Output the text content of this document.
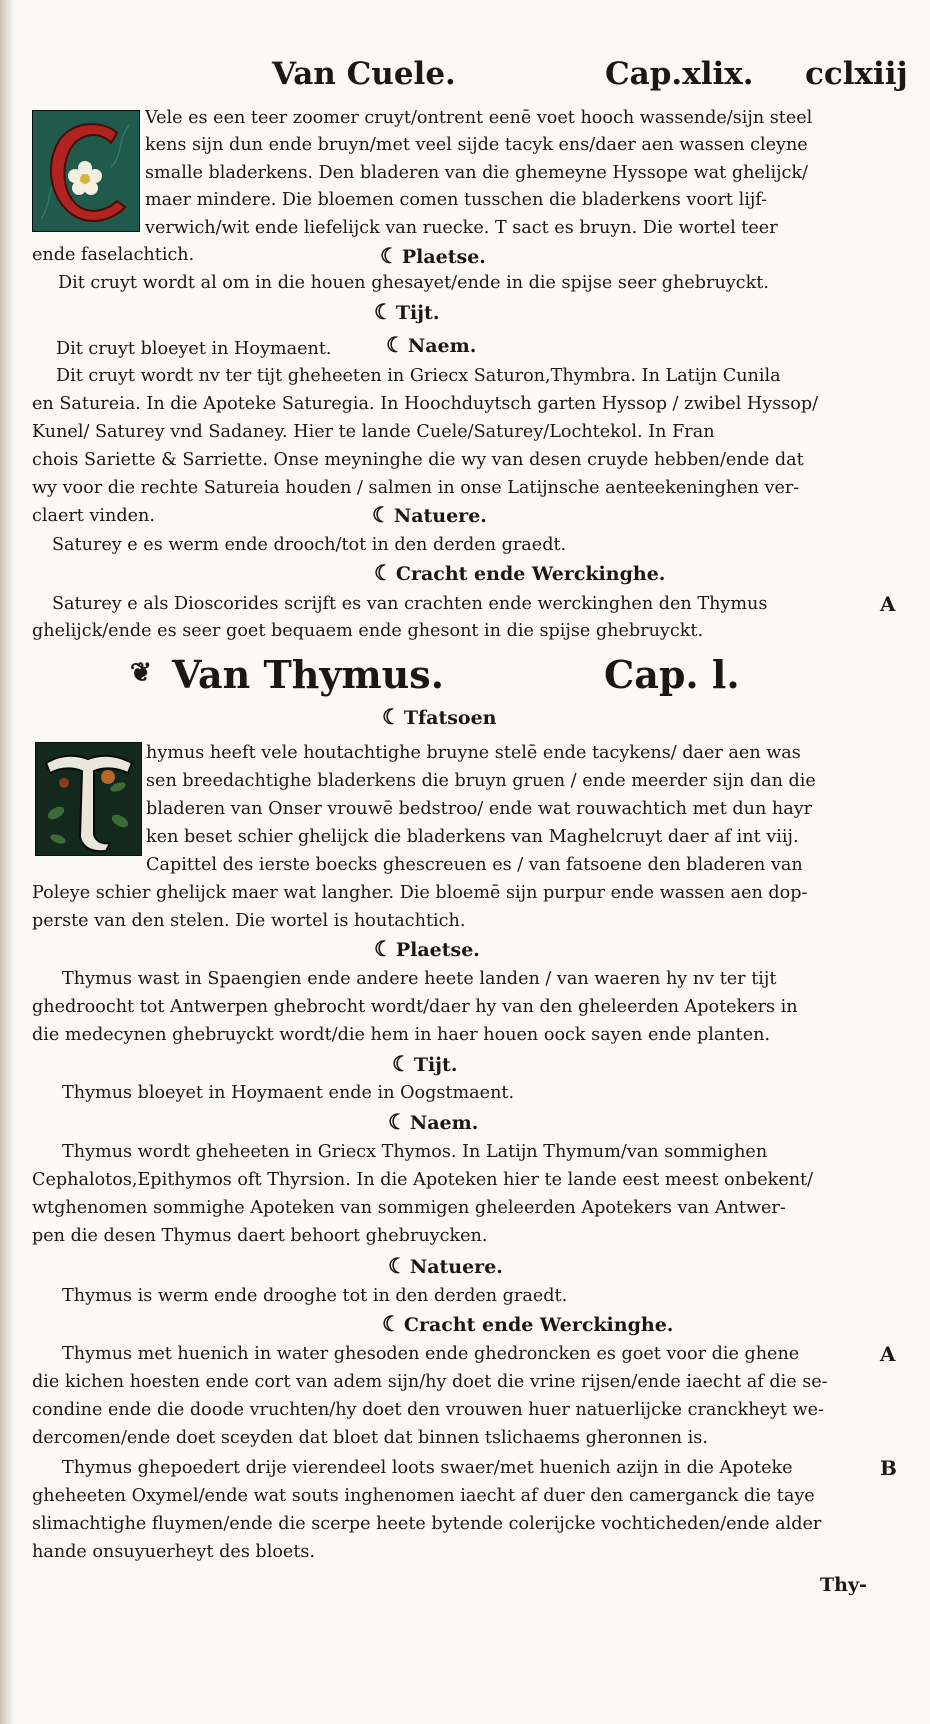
Van Cuele.	Cap.xlix. cclxiij
Vele es een teer zoomer cruyt/ontrent eenē voet hooch wassende/sijn steel
kens sijn dun ende bruyn/met veel sijde tacyk ens/daer aen wassen cleyne
smalle bladerkens. Den bladeren van die ghemeyne Hyssope wat ghelijck/
maer mindere. Die bloemen comen tusschen die bladerkens voort lijf-
verwich/wit ende liefelijck van ruecke. T sact es bruyn. Die wortel teer
ende faselachtich.	☾ Plaetse.
Dit cruyt wordt al om in die houen ghesayet/ende in die spijse seer ghebruyckt.
☾ Tijt.
Dit cruyt bloeyet in Hoymaent.	☾ Naem.
Dit cruyt wordt nv ter tijt gheheeten in Griecx Saturon,Thymbra. In Latijn Cunila
en Satureia. In die Apoteke Saturegia. In Hoochduytsch garten Hyssop / zwibel Hyssop/
Kunel/ Saturey vnd Sadaney. Hier te lande Cuele/Saturey/Lochtekol. In Fran
chois Sariette & Sarriette. Onse meyninghe die wy van desen cruyde hebben/ende dat
wy voor die rechte Satureia houden / salmen in onse Latijnsche aenteekeninghen ver-
claert vinden.	☾ Natuere.
Saturey e es werm ende drooch/tot in den derden graedt.
☾ Cracht ende Werckinghe.
Saturey e als Dioscorides scrijft es van crachten ende werckinghen den Thymus	A
ghelijck/ende es seer goet bequaem ende ghesont in die spijse ghebruyckt.
❦ Van Thymus.	Cap. l.
☾ Tfatsoen
hymus heeft vele houtachtighe bruyne stelē ende tacykens/ daer aen was
sen breedachtighe bladerkens die bruyn gruen / ende meerder sijn dan die
bladeren van Onser vrouwē bedstroo/ ende wat rouwachtich met dun hayr
ken beset schier ghelijck die bladerkens van Maghelcruyt daer af int viij.
Capittel des ierste boecks ghescreuen es / van fatsoene den bladeren van
Poleye schier ghelijck maer wat langher. Die bloemē sijn purpur ende wassen aen dop-
perste van den stelen. Die wortel is houtachtich.
☾ Plaetse.
Thymus wast in Spaengien ende andere heete landen / van waeren hy nv ter tijt
ghedroocht tot Antwerpen ghebrocht wordt/daer hy van den gheleerden Apotekers in
die medecynen ghebruyckt wordt/die hem in haer houen oock sayen ende planten.
☾ Tijt.
Thymus bloeyet in Hoymaent ende in Oogstmaent.
☾ Naem.
Thymus wordt gheheeten in Griecx Thymos. In Latijn Thymum/van sommighen
Cephalotos,Epithymos oft Thyrsion. In die Apoteken hier te lande eest meest onbekent/
wtghenomen sommighe Apoteken van sommigen gheleerden Apotekers van Antwer-
pen die desen Thymus daert behoort ghebruycken.
☾ Natuere.
Thymus is werm ende drooghe tot in den derden graedt.
☾ Cracht ende Werckinghe.
Thymus met huenich in water ghesoden ende ghedroncken es goet voor die ghene	A
die kichen hoesten ende cort van adem sijn/hy doet die vrine rijsen/ende iaecht af die se-
condine ende die doode vruchten/hy doet den vrouwen huer natuerlijcke cranckheyt we-
dercomen/ende doet sceyden dat bloet dat binnen tslichaems gheronnen is.
Thymus ghepoedert drije vierendeel loots swaer/met huenich azijn in die Apoteke	B
gheheeten Oxymel/ende wat souts inghenomen iaecht af duer den camerganck die taye
slimachtighe fluymen/ende die scerpe heete bytende colerijcke vochticheden/ende alder
hande onsuyuerheyt des bloets.
Thy-
